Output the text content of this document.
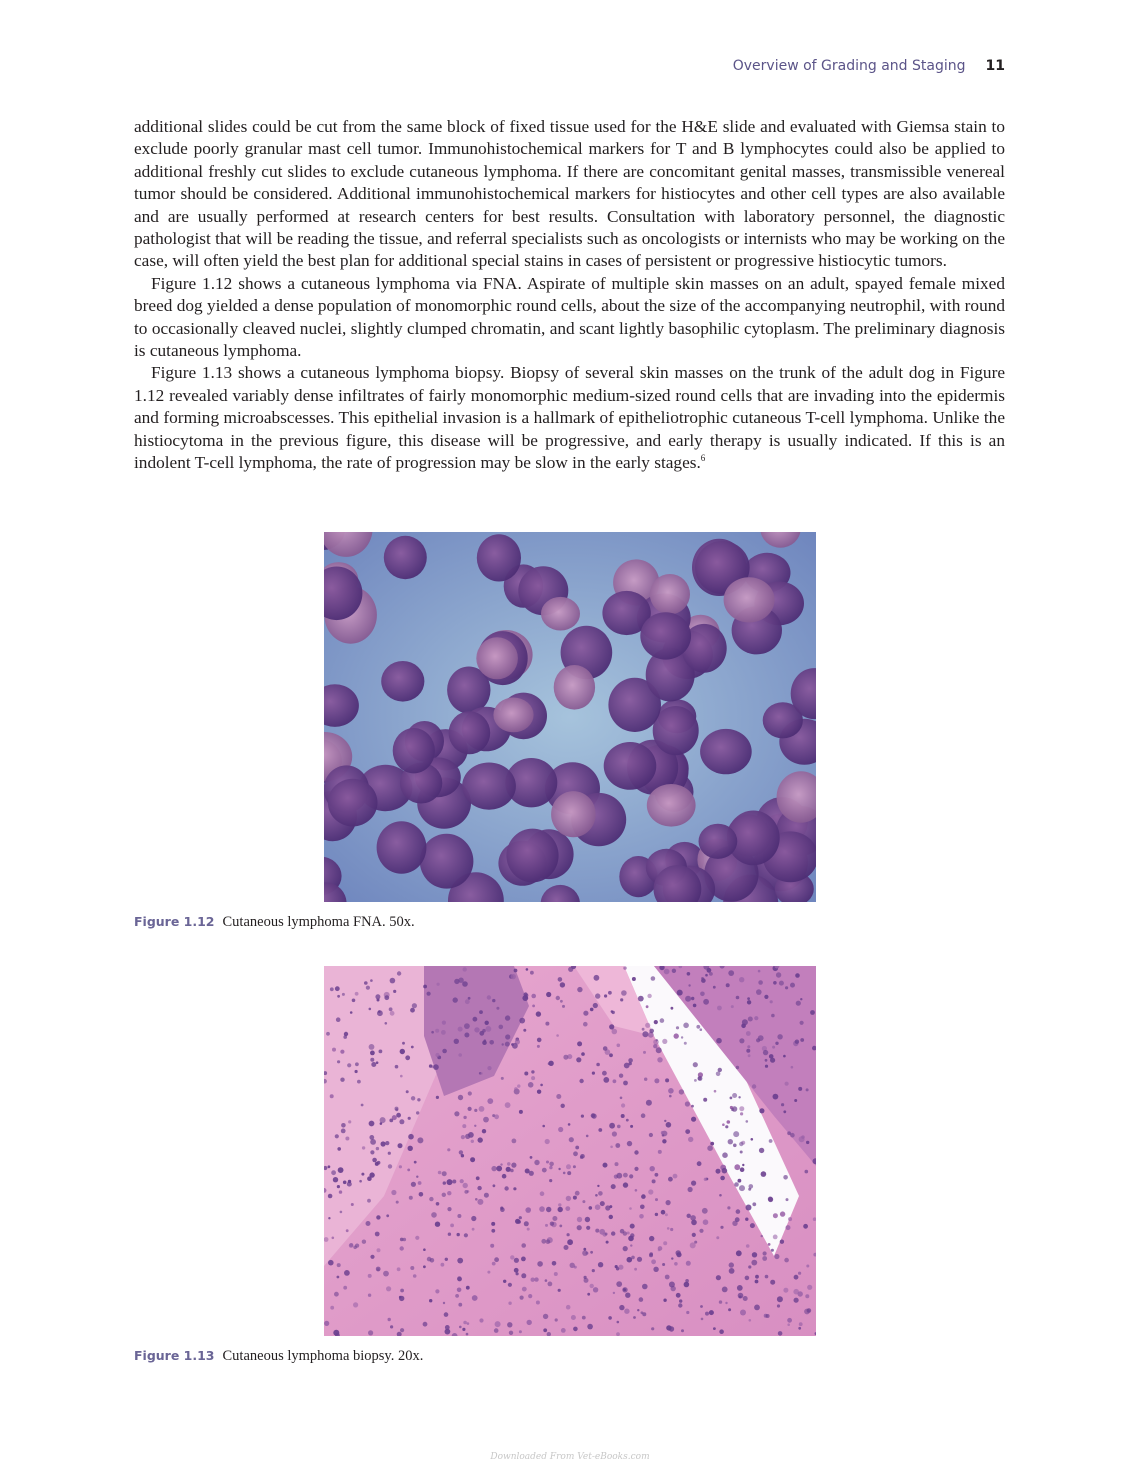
Overview of Grading and Staging 11

additional slides could be cut from the same block of fixed tissue used for the H&E slide and evaluated with Giemsa stain to exclude poorly granular mast cell tumor. Immunohistochemical markers for T and B lymphocytes could also be applied to additional freshly cut slides to exclude cutaneous lymphoma. If there are concomitant genital masses, transmissible venereal tumor should be considered. Additional immunohistochemical markers for histiocytes and other cell types are also available and are usually performed at research centers for best results. Consultation with laboratory personnel, the diagnostic pathologist that will be reading the tissue, and referral specialists such as oncologists or internists who may be working on the case, will often yield the best plan for additional special stains in cases of persistent or progressive histiocytic tumors.

Figure 1.12 shows a cutaneous lymphoma via FNA. Aspirate of multiple skin masses on an adult, spayed female mixed breed dog yielded a dense population of monomorphic round cells, about the size of the accompanying neutrophil, with round to occasionally cleaved nuclei, slightly clumped chromatin, and scant lightly basophilic cytoplasm. The preliminary diagnosis is cutaneous lymphoma.

Figure 1.13 shows a cutaneous lymphoma biopsy. Biopsy of several skin masses on the trunk of the adult dog in Figure 1.12 revealed variably dense infiltrates of fairly monomorphic medium-sized round cells that are invading into the epidermis and forming microabscesses. This epithelial invasion is a hallmark of epitheliotrophic cutaneous T-cell lymphoma. Unlike the histiocytoma in the previous figure, this disease will be progressive, and early therapy is usually indicated. If this is an indolent T-cell lymphoma, the rate of progression may be slow in the early stages.$^6$

Figure 1.12 Cutaneous lymphoma FNA. 50x.
Figure 1.13 Cutaneous lymphoma biopsy. 20x.
Downloaded From Vet-eBooks.com
